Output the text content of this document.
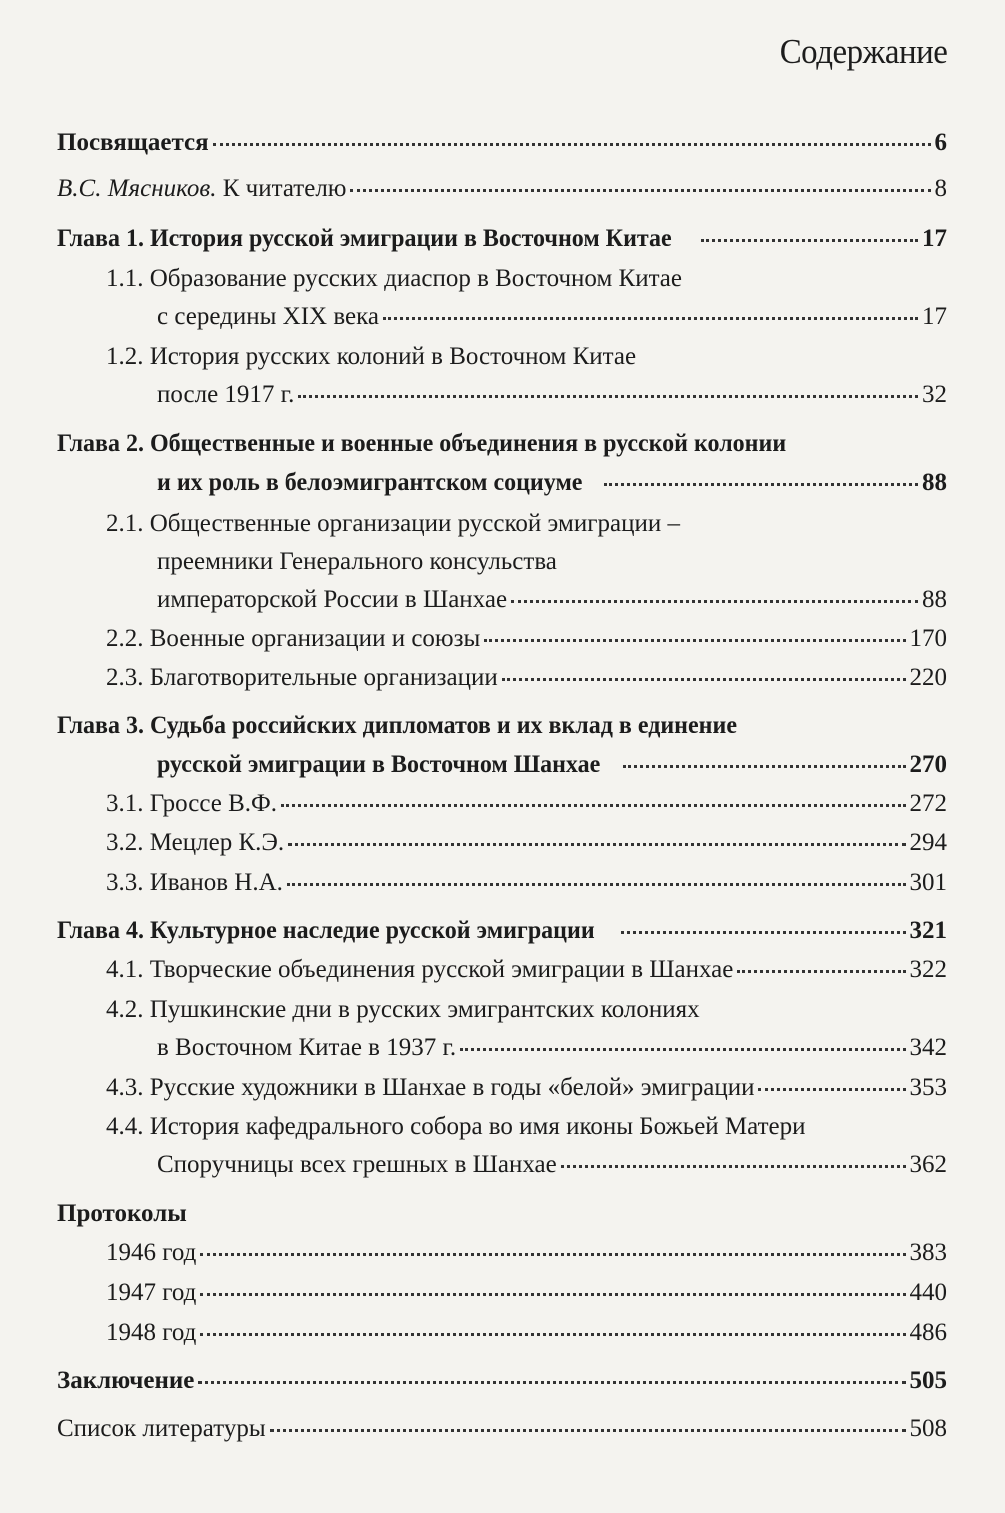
Содержание
Посвящается	6
В.С. Мясников. К читателю	8
Глава 1. История русской эмиграции в Восточном Китае	17
1.1. Образование русских диаспор в Восточном Китае
с середины XIX века	17
1.2. История русских колоний в Восточном Китае
после 1917 г.	32
Глава 2. Общественные и военные объединения в русской колонии
и их роль в белоэмигрантском социуме	88
2.1. Общественные организации русской эмиграции –
преемники Генерального консульства
императорской России в Шанхае	88
2.2. Военные организации и союзы	170
2.3. Благотворительные организации	220
Глава 3. Судьба российских дипломатов и их вклад в единение
русской эмиграции в Восточном Шанхае	270
3.1. Гроссе В.Ф.	272
3.2. Мецлер К.Э.	294
3.3. Иванов Н.А.	301
Глава 4. Культурное наследие русской эмиграции	321
4.1. Творческие объединения русской эмиграции в Шанхае	322
4.2. Пушкинские дни в русских эмигрантских колониях
в Восточном Китае в 1937 г.	342
4.3. Русские художники в Шанхае в годы «белой» эмиграции	353
4.4. История кафедрального собора во имя иконы Божьей Матери
Споручницы всех грешных в Шанхае	362
Протоколы
1946 год	383
1947 год	440
1948 год	486
Заключение	505
Список литературы	508
